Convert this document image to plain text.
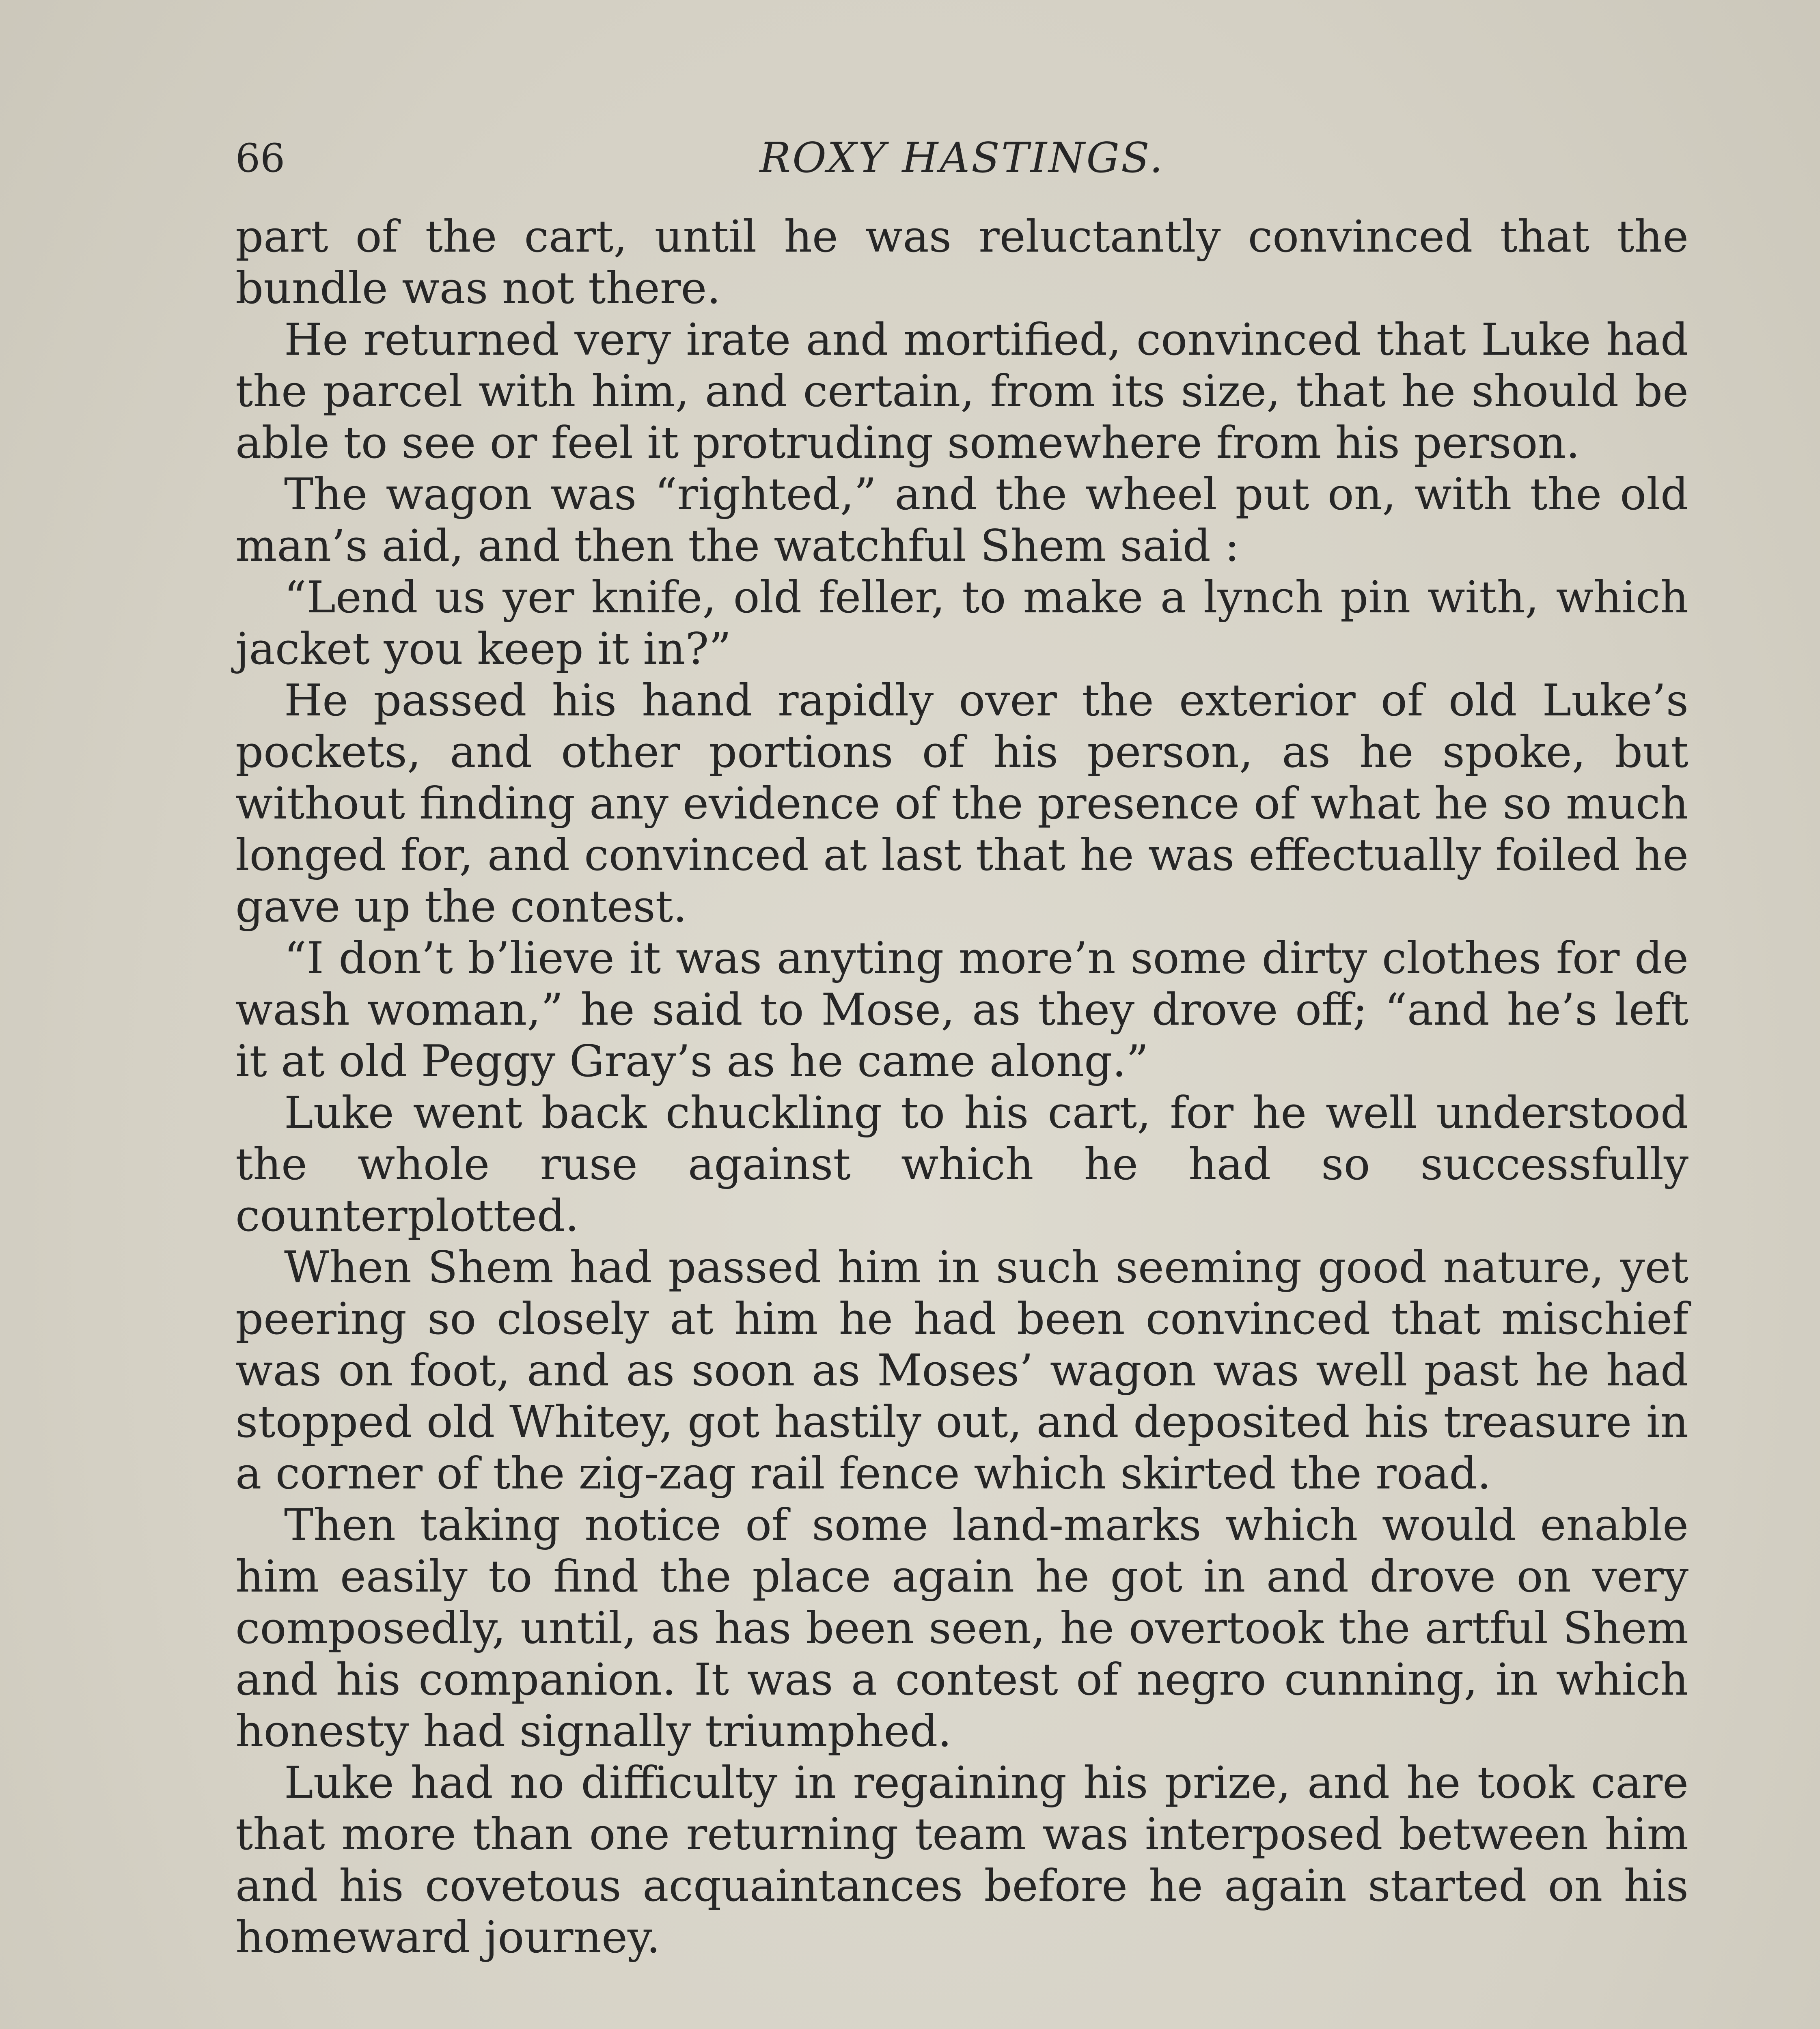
66	ROXY HASTINGS.

part of the cart, until he was reluctantly convinced that the bundle was not there.

He returned very irate and mortified, convinced that Luke had the parcel with him, and certain, from its size, that he should be able to see or feel it protruding somewhere from his person.

The wagon was “righted,” and the wheel put on, with the old man’s aid, and then the watchful Shem said :

“Lend us yer knife, old feller, to make a lynch pin with, which jacket you keep it in?”

He passed his hand rapidly over the exterior of old Luke’s pockets, and other portions of his person, as he spoke, but without finding any evidence of the presence of what he so much longed for, and convinced at last that he was effectually foiled he gave up the contest.

“I don’t b’lieve it was anyting more’n some dirty clothes for de wash woman,” he said to Mose, as they drove off; “and he’s left it at old Peggy Gray’s as he came along.”

Luke went back chuckling to his cart, for he well understood the whole ruse against which he had so successfully counterplotted.

When Shem had passed him in such seeming good nature, yet peering so closely at him he had been convinced that mischief was on foot, and as soon as Moses’ wagon was well past he had stopped old Whitey, got hastily out, and deposited his treasure in a corner of the zig-zag rail fence which skirted the road.

Then taking notice of some land-marks which would enable him easily to find the place again he got in and drove on very composedly, until, as has been seen, he overtook the artful Shem and his companion. It was a contest of negro cunning, in which honesty had signally triumphed.

Luke had no difficulty in regaining his prize, and he took care that more than one returning team was interposed between him and his covetous acquaintances before he again started on his homeward journey.
